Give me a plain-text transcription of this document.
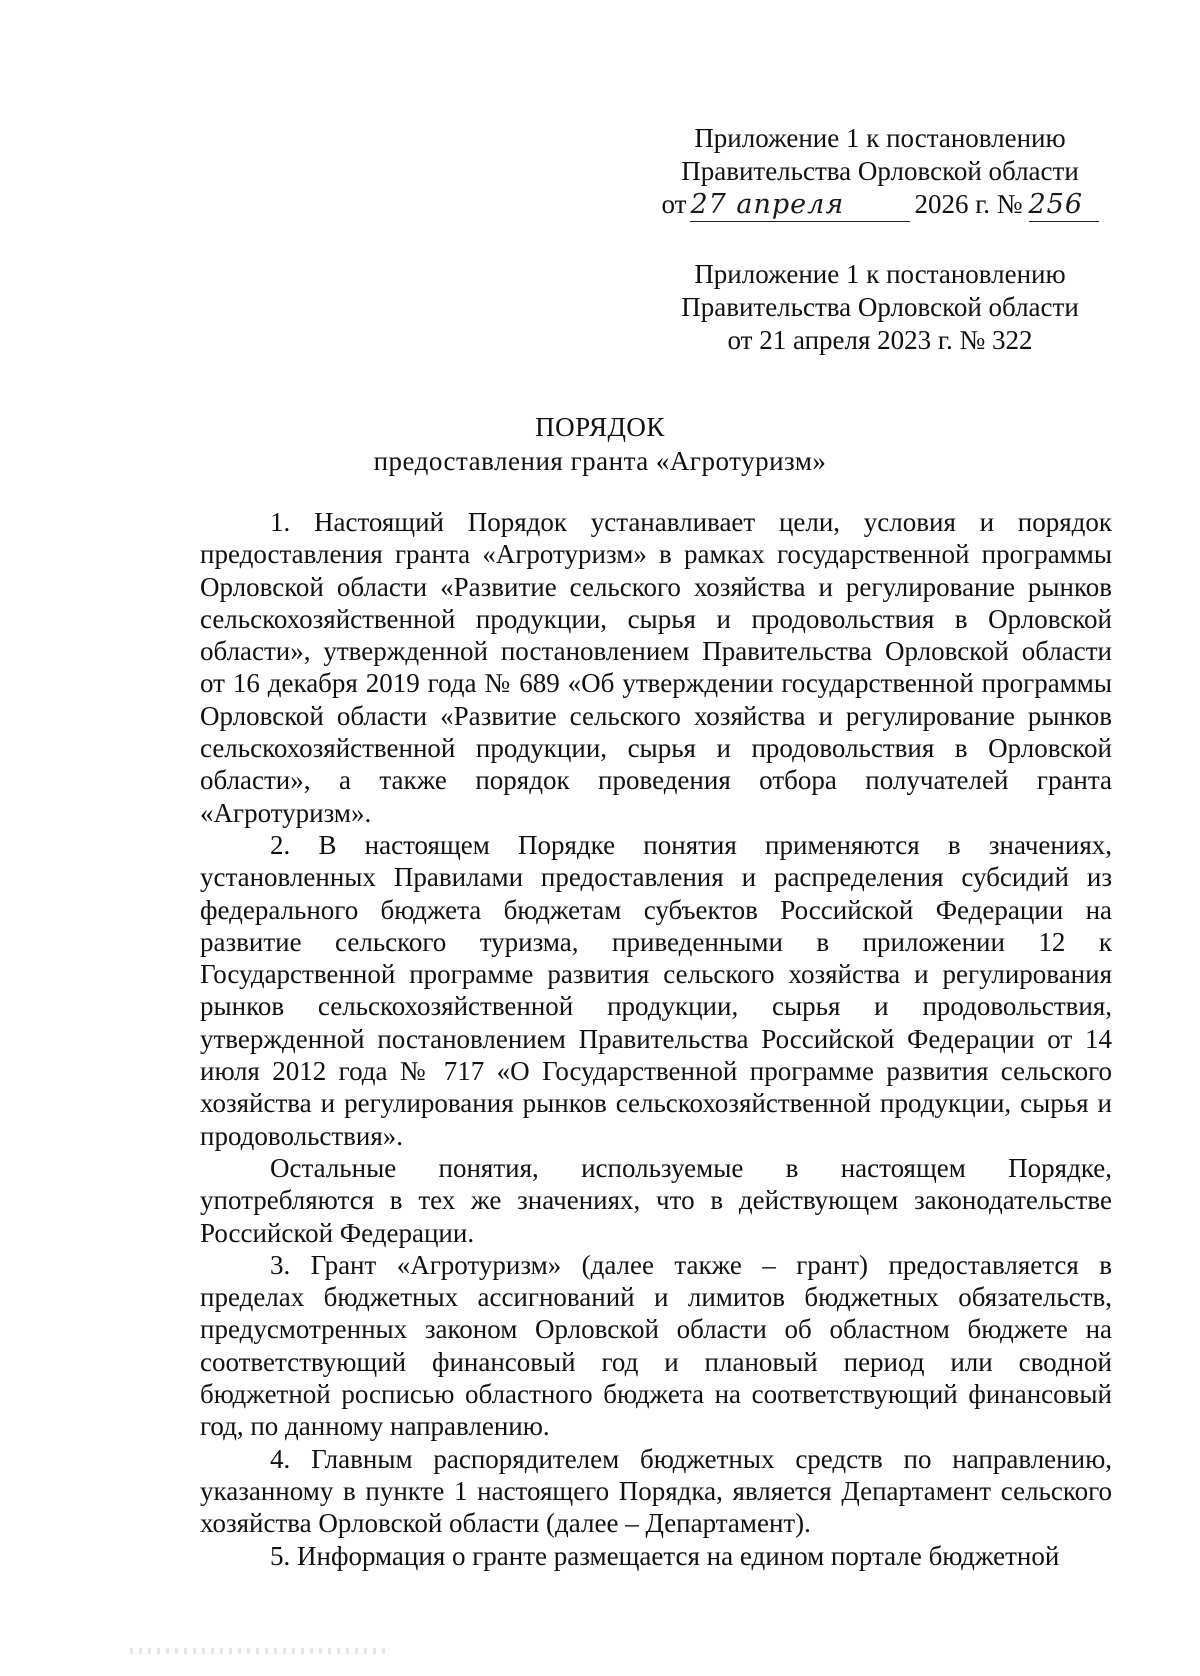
Приложение 1 к постановлению
Правительства Орловской области
от 27 апреля	2026 г. № 256
Приложение 1 к постановлению
Правительства Орловской области
от 21 апреля 2023 г. № 322
ПОРЯДОК
предоставления гранта «Агротуризм»

1. Настоящий Порядок устанавливает цели, условия и порядок предоставления гранта «Агротуризм» в рамках государственной программы Орловской области «Развитие сельского хозяйства и регулирование рынков сельскохозяйственной продукции, сырья и продовольствия в Орловской области», утвержденной постановлением Правительства Орловской области от 16 декабря 2019 года № 689 «Об утверждении государственной программы Орловской области «Развитие сельского хозяйства и регулирование рынков сельскохозяйственной продукции, сырья и продовольствия в Орловской области», а также порядок проведения отбора получателей гранта «Агротуризм».

2. В настоящем Порядке понятия применяются в значениях, установленных Правилами предоставления и распределения субсидий из федерального бюджета бюджетам субъектов Российской Федерации на развитие сельского туризма, приведенными в приложении 12 к Государственной программе развития сельского хозяйства и регулирования рынков сельскохозяйственной продукции, сырья и продовольствия, утвержденной постановлением Правительства Российской Федерации от 14 июля 2012 года № 717 «О Государственной программе развития сельского хозяйства и регулирования рынков сельскохозяйственной продукции, сырья и продовольствия».

Остальные понятия, используемые в настоящем Порядке, употребляются в тех же значениях, что в действующем законодательстве Российской Федерации.

3. Грант «Агротуризм» (далее также – грант) предоставляется в пределах бюджетных ассигнований и лимитов бюджетных обязательств, предусмотренных законом Орловской области об областном бюджете на соответствующий финансовый год и плановый период или сводной бюджетной росписью областного бюджета на соответствующий финансовый год, по данному направлению.

4. Главным распорядителем бюджетных средств по направлению, указанному в пункте 1 настоящего Порядка, является Департамент сельского хозяйства Орловской области (далее – Департамент).

5. Информация о гранте размещается на едином портале бюджетной
